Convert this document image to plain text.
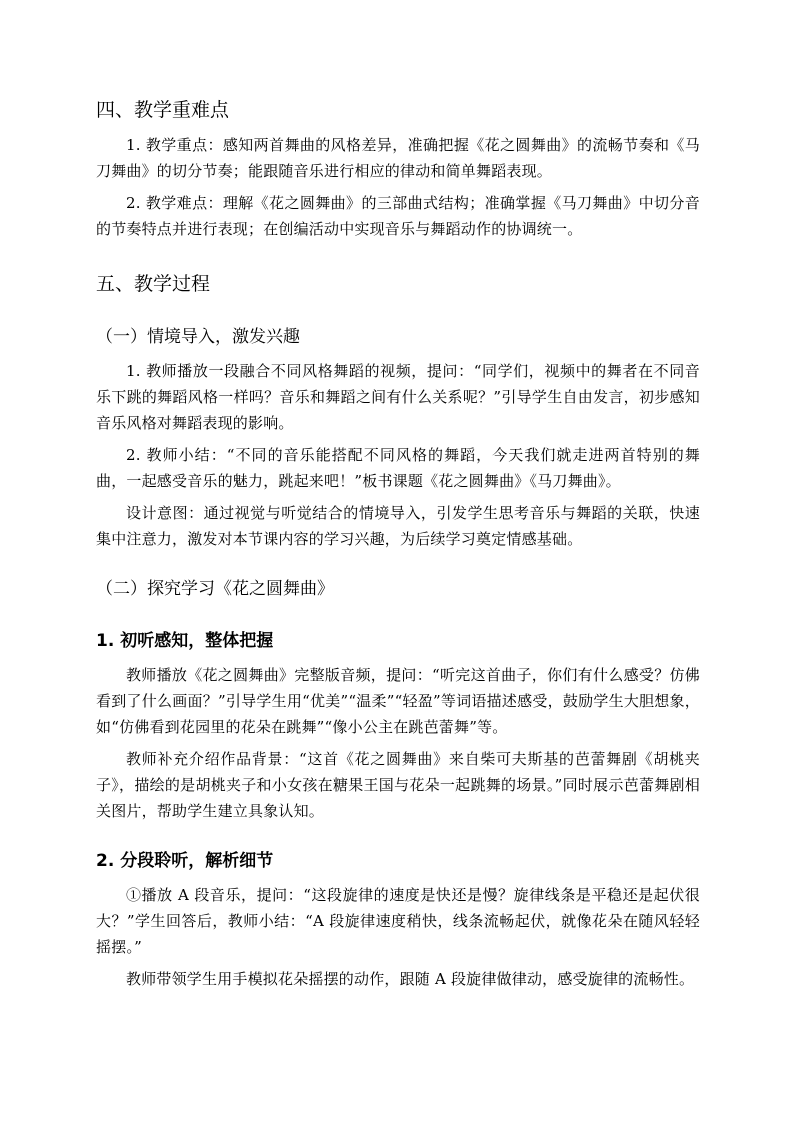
四、教学重难点

1. 教学重点：感知两首舞曲的风格差异，准确把握《花之圆舞曲》的流畅节奏和《马刀舞曲》的切分节奏；能跟随音乐进行相应的律动和简单舞蹈表现。

2. 教学难点：理解《花之圆舞曲》的三部曲式结构；准确掌握《马刀舞曲》中切分音的节奏特点并进行表现；在创编活动中实现音乐与舞蹈动作的协调统一。

五、教学过程
（一）情境导入，激发兴趣

1. 教师播放一段融合不同风格舞蹈的视频，提问：“同学们，视频中的舞者在不同音乐下跳的舞蹈风格一样吗？音乐和舞蹈之间有什么关系呢？”引导学生自由发言，初步感知音乐风格对舞蹈表现的影响。

2. 教师小结：“不同的音乐能搭配不同风格的舞蹈，今天我们就走进两首特别的舞曲，一起感受音乐的魅力，跳起来吧！”板书课题《花之圆舞曲》《马刀舞曲》。

设计意图：通过视觉与听觉结合的情境导入，引发学生思考音乐与舞蹈的关联，快速集中注意力，激发对本节课内容的学习兴趣，为后续学习奠定情感基础。

（二）探究学习《花之圆舞曲》
1. 初听感知，整体把握

教师播放《花之圆舞曲》完整版音频，提问：“听完这首曲子，你们有什么感受？仿佛看到了什么画面？”引导学生用“优美”“温柔”“轻盈”等词语描述感受，鼓励学生大胆想象，如“仿佛看到花园里的花朵在跳舞”“像小公主在跳芭蕾舞”等。

教师补充介绍作品背景：“这首《花之圆舞曲》来自柴可夫斯基的芭蕾舞剧《胡桃夹子》，描绘的是胡桃夹子和小女孩在糖果王国与花朵一起跳舞的场景。”同时展示芭蕾舞剧相关图片，帮助学生建立具象认知。

2. 分段聆听，解析细节

①播放 A 段音乐，提问：“这段旋律的速度是快还是慢？旋律线条是平稳还是起伏很大？”学生回答后，教师小结：“A 段旋律速度稍快，线条流畅起伏，就像花朵在随风轻轻摇摆。”

教师带领学生用手模拟花朵摇摆的动作，跟随 A 段旋律做律动，感受旋律的流畅性。
